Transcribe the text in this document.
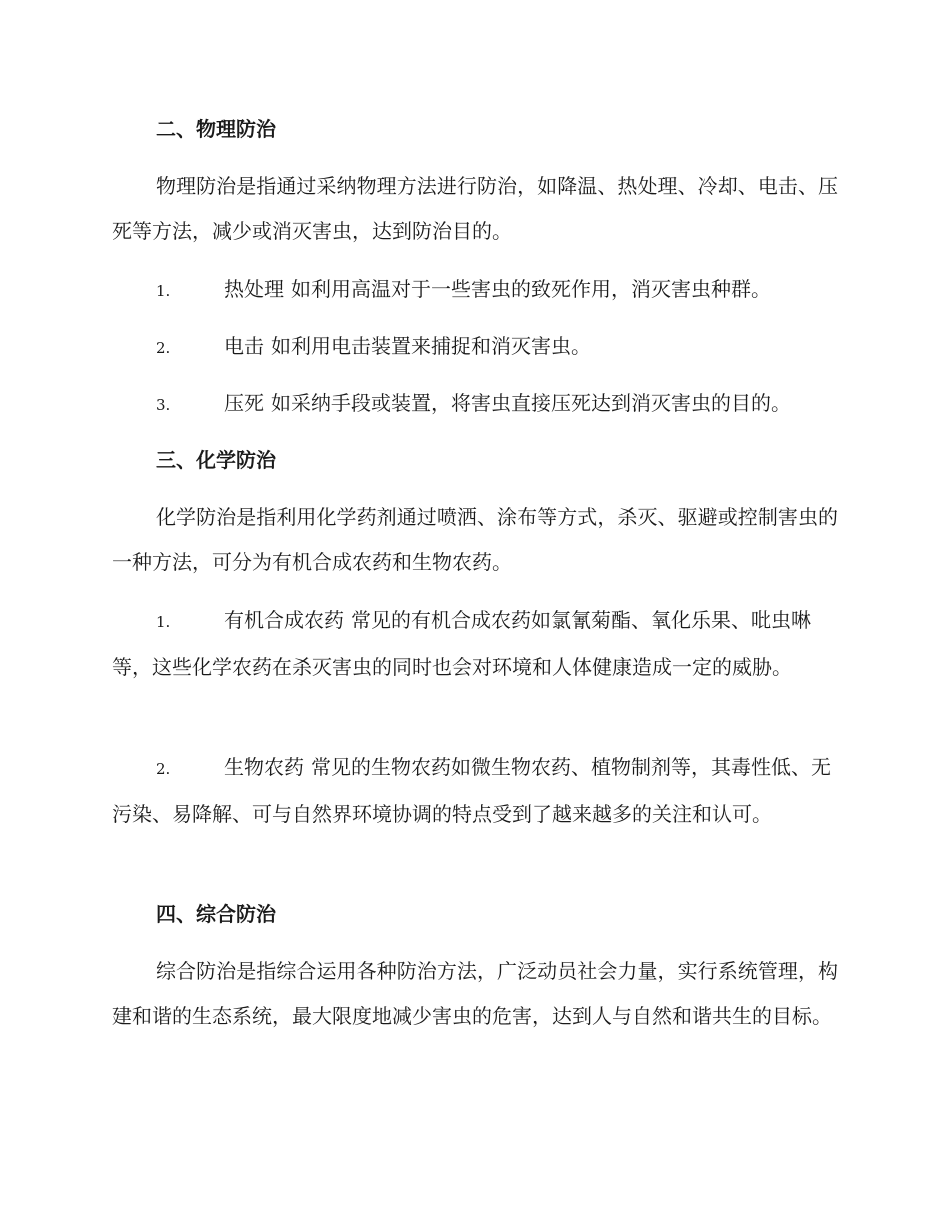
二、物理防治

物理防治是指通过采纳物理方法进行防治，如降温、热处理、冷却、电击、压死等方法，减少或消灭害虫，达到防治目的。

1.	热处理 如利用高温对于一些害虫的致死作用，消灭害虫种群。
2.	电击 如利用电击装置来捕捉和消灭害虫。
3.	压死 如采纳手段或装置，将害虫直接压死达到消灭害虫的目的。
三、化学防治

化学防治是指利用化学药剂通过喷洒、涂布等方式，杀灭、驱避或控制害虫的一种方法，可分为有机合成农药和生物农药。

1.	有机合成农药 常见的有机合成农药如氯氰菊酯、氧化乐果、吡虫啉等，这些化学农药在杀灭害虫的同时也会对环境和人体健康造成一定的威胁。
2.	生物农药 常见的生物农药如微生物农药、植物制剂等，其毒性低、无污染、易降解、可与自然界环境协调的特点受到了越来越多的关注和认可。
四、综合防治

综合防治是指综合运用各种防治方法，广泛动员社会力量，实行系统管理，构建和谐的生态系统，最大限度地减少害虫的危害，达到人与自然和谐共生的目标。
